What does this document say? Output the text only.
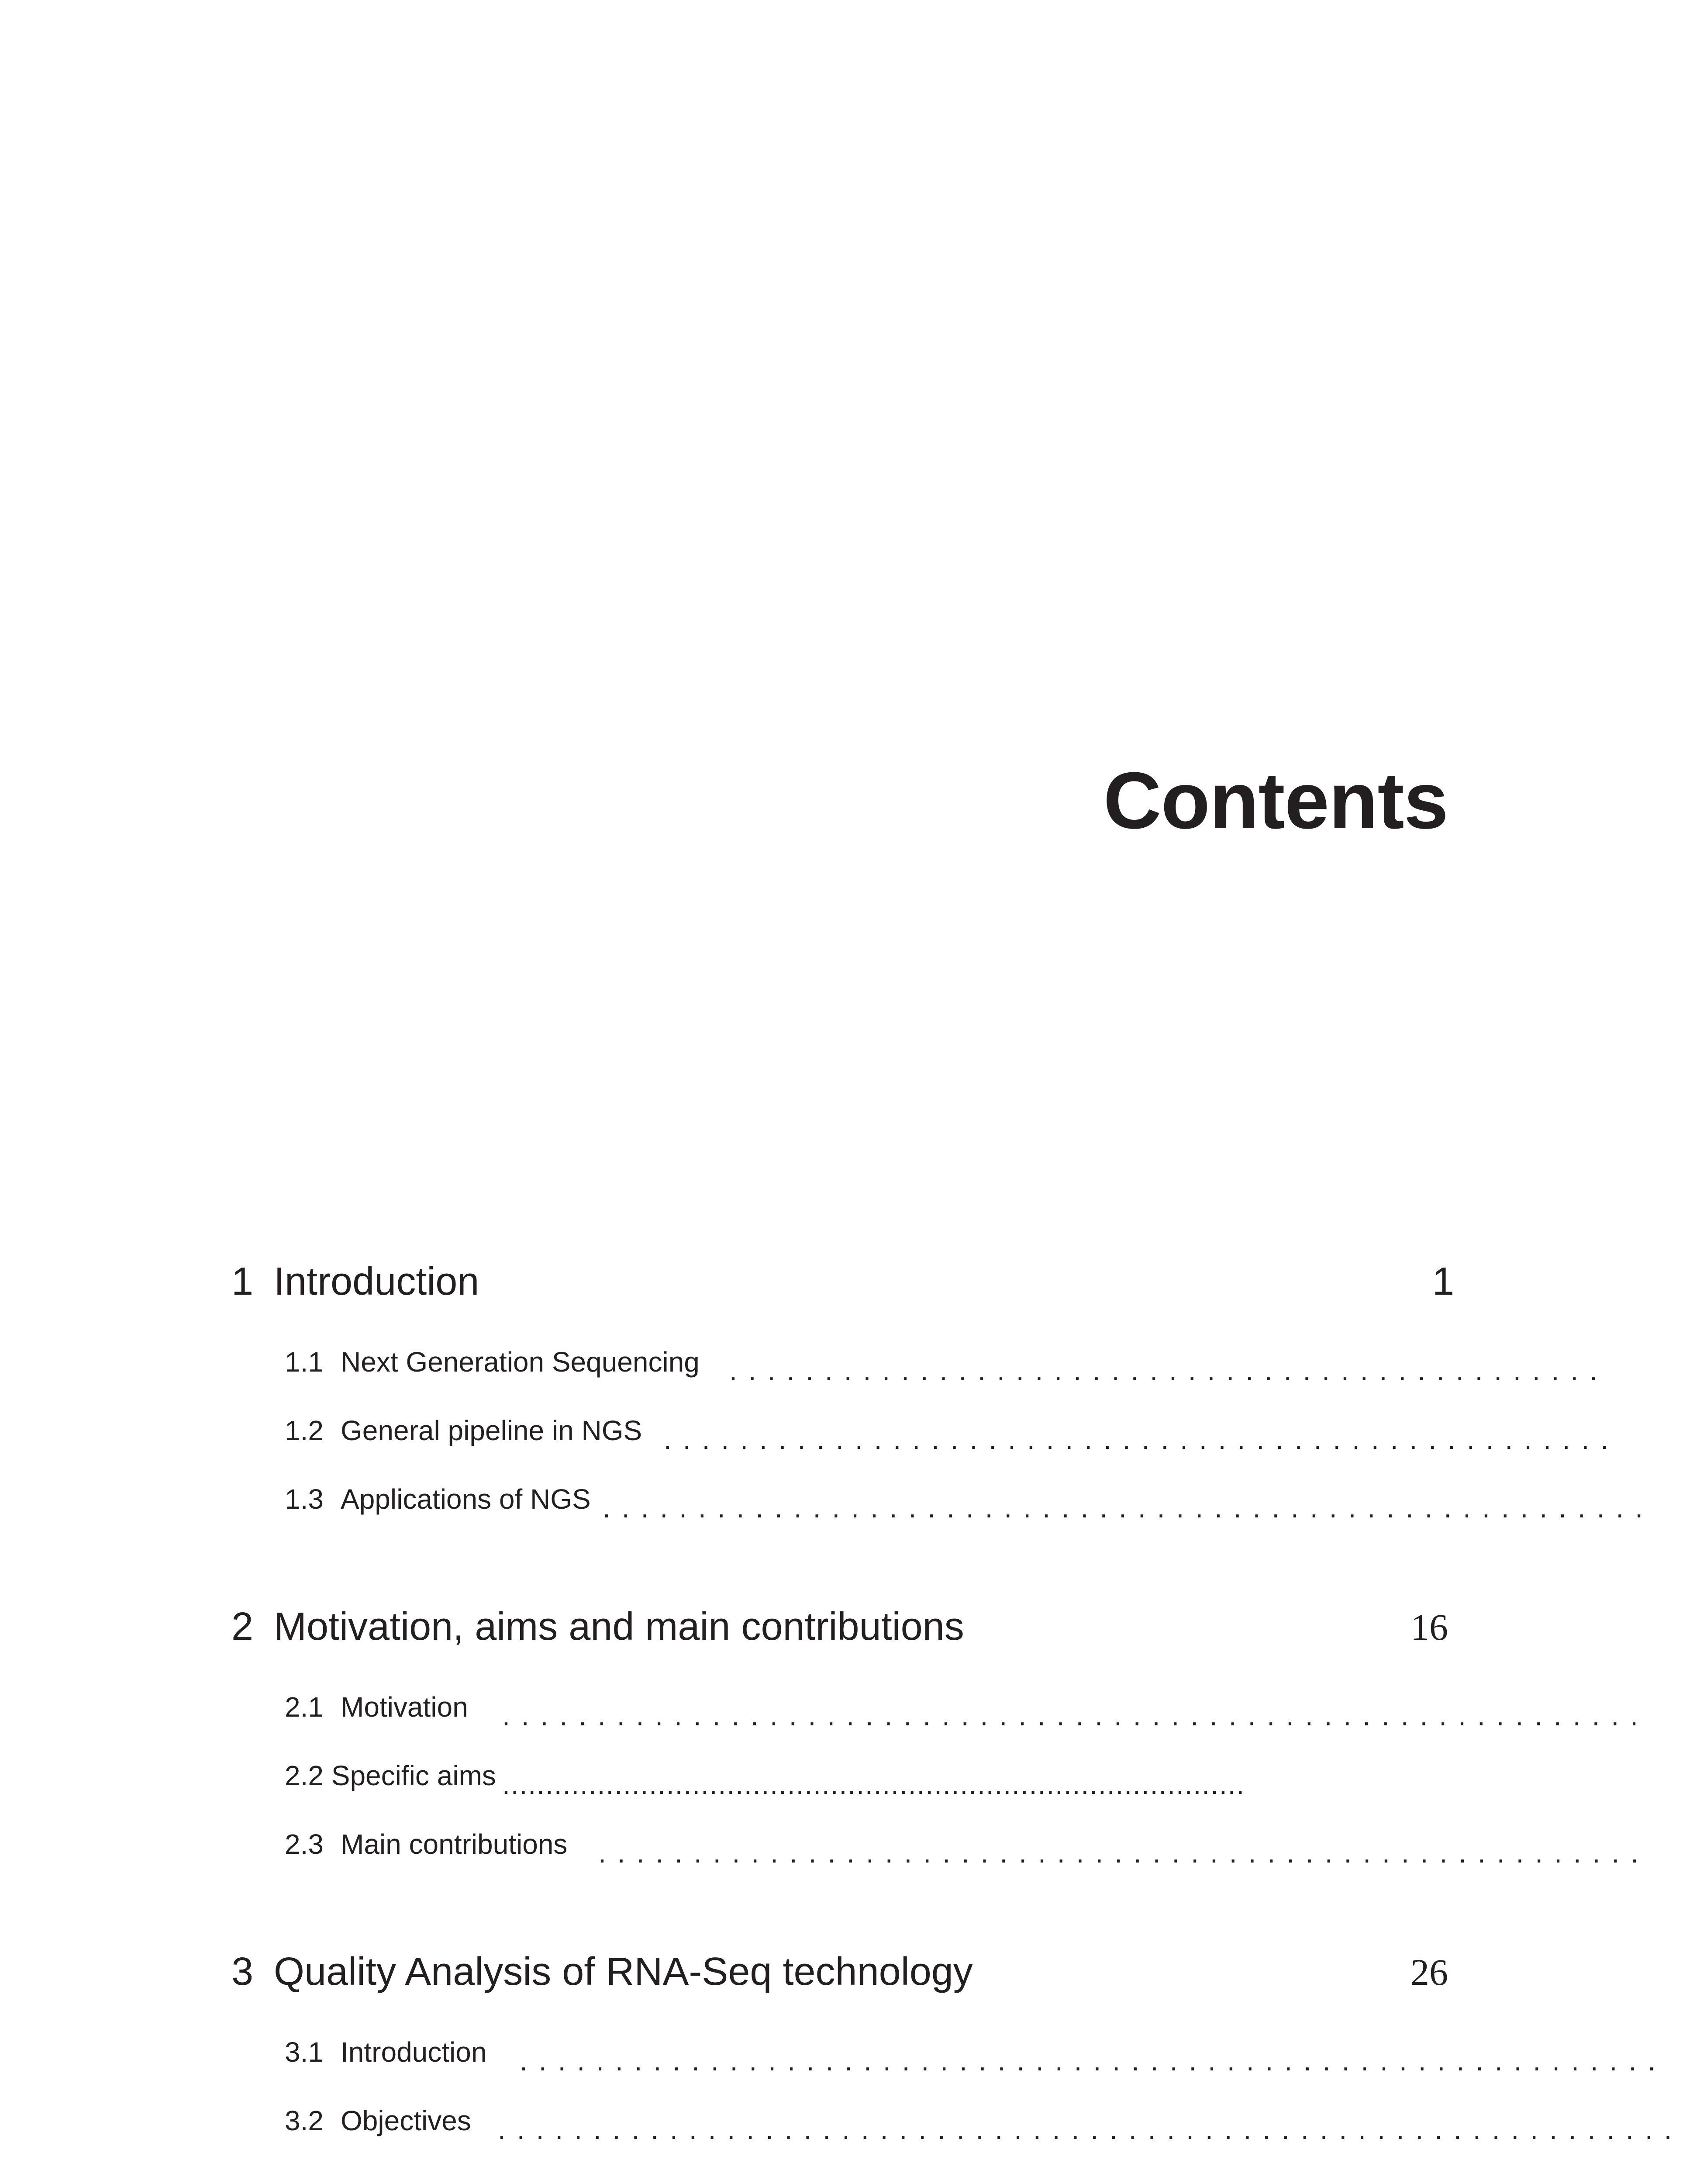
Contents
1 Introduction	1
1.1 Next Generation Sequencing ..............................................
1.2 General pipeline in NGS ..................................................
1.3 Applications of NGS .......................................................
2 Motivation, aims and main contributions	16
2.1 Motivation ............................................................
2.2 Specific aims ......................................................................................
2.3 Main contributions .......................................................
3 Quality Analysis of RNA-Seq technology	26
3.1 Introduction ............................................................
3.2 Objectives ..............................................................
